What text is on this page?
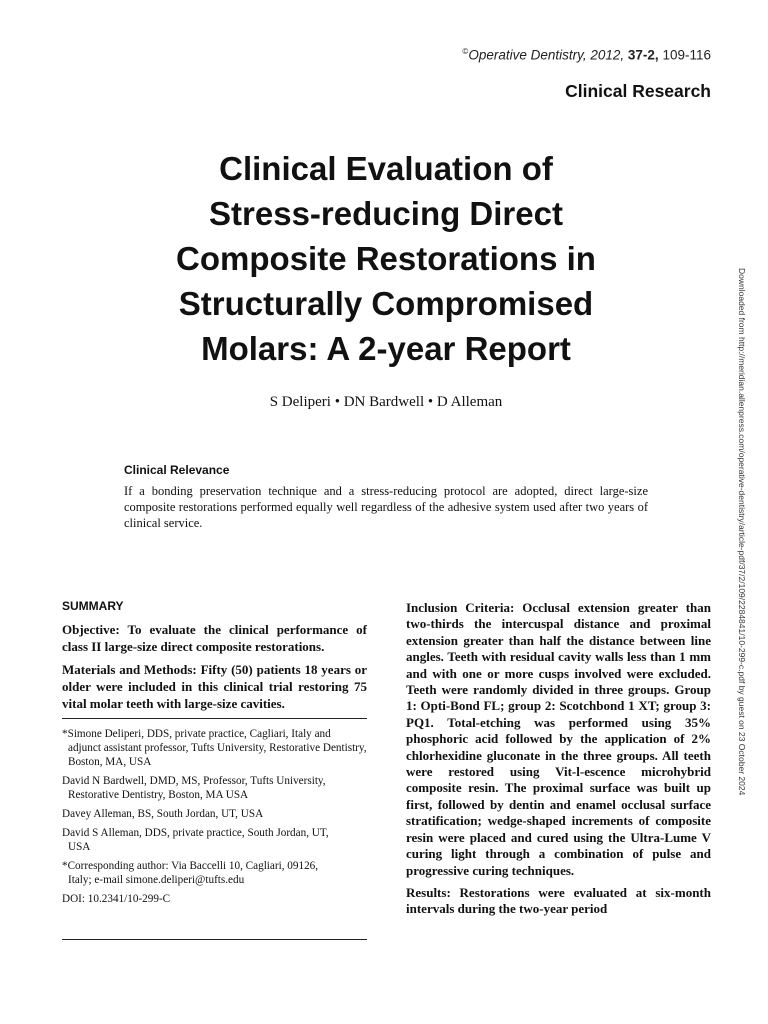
©Operative Dentistry, 2012, 37-2, 109-116
Clinical Research
Clinical Evaluation of
Stress-reducing Direct
Composite Restorations in
Structurally Compromised
Molars: A 2-year Report
S Deliperi • DN Bardwell • D Alleman
Clinical Relevance

If a bonding preservation technique and a stress-reducing protocol are adopted, direct large-size composite restorations performed equally well regardless of the adhesive system used after two years of clinical service.

SUMMARY

Objective: To evaluate the clinical performance of class II large-size direct composite restorations.

Materials and Methods: Fifty (50) patients 18 years or older were included in this clinical trial restoring 75 vital molar teeth with large-size cavities.

*Simone Deliperi, DDS, private practice, Cagliari, Italy and
adjunct assistant professor, Tufts University, Restorative Dentistry, Boston, MA, USA
David N Bardwell, DMD, MS, Professor, Tufts University,
Restorative Dentistry, Boston, MA USA
Davey Alleman, BS, South Jordan, UT, USA
David S Alleman, DDS, private practice, South Jordan, UT,
USA
*Corresponding author: Via Baccelli 10, Cagliari, 09126,
Italy; e-mail simone.deliperi@tufts.edu
DOI: 10.2341/10-299-C

Inclusion Criteria: Occlusal extension greater than two-thirds the intercuspal distance and proximal extension greater than half the distance between line angles. Teeth with residual cavity walls less than 1 mm and with one or more cusps involved were excluded. Teeth were randomly divided in three groups. Group 1: Opti-Bond FL; group 2: Scotchbond 1 XT; group 3: PQ1. Total-etching was performed using 35% phosphoric acid followed by the application of 2% chlorhexidine gluconate in the three groups. All teeth were restored using Vit-l-escence microhybrid composite resin. The proximal surface was built up first, followed by dentin and enamel occlusal surface stratification; wedge-shaped increments of composite resin were placed and cured using the Ultra-Lume V curing light through a combination of pulse and progressive curing techniques.

Results: Restorations were evaluated at six-month intervals during the two-year period

Downloaded from http://meridian.allenpress.com/operative-dentistry/article-pdf/37/2/109/2284841/10-299-c.pdf by guest on 23 October 2024
